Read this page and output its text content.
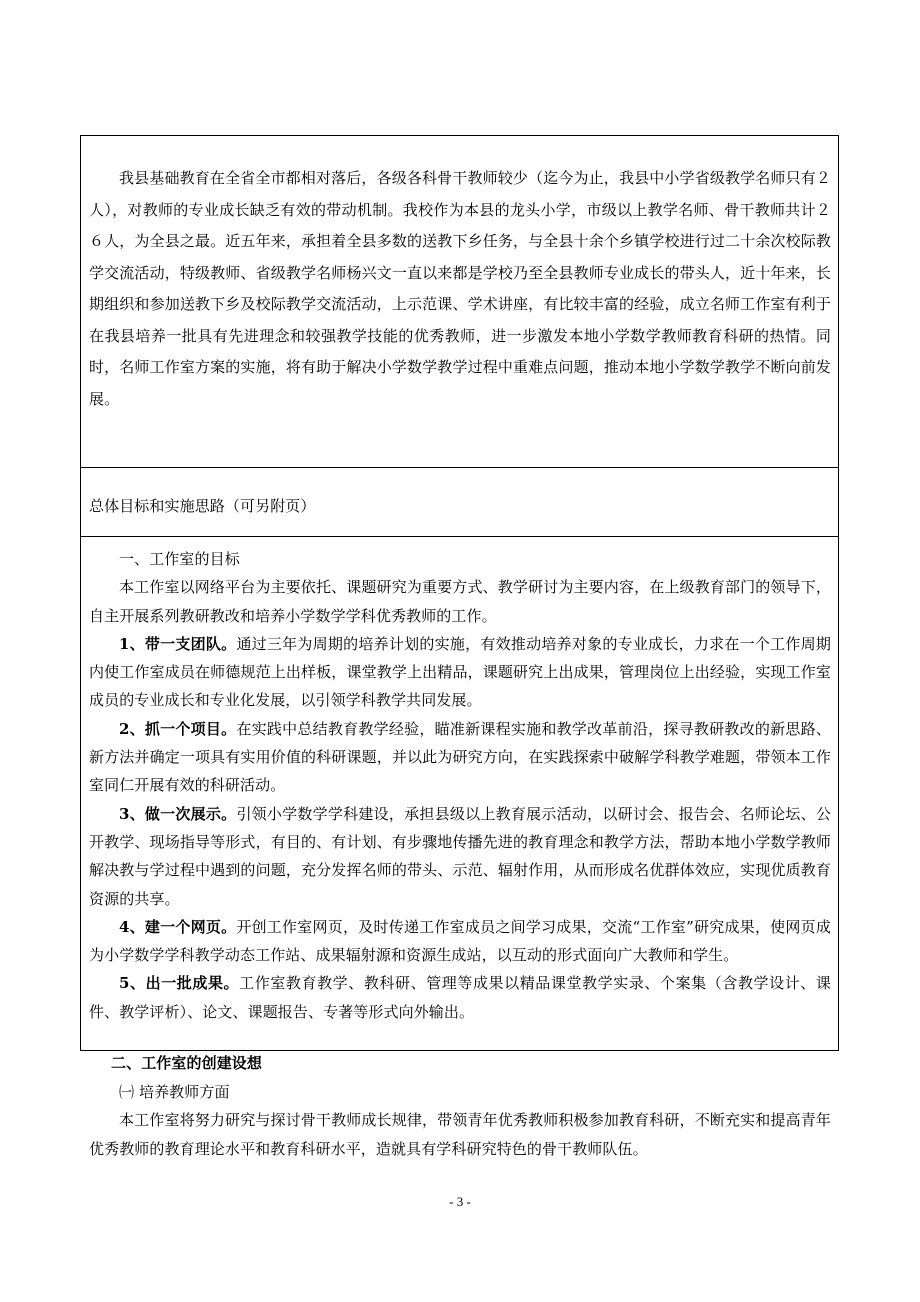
我县基础教育在全省全市都相对落后，各级各科骨干教师较少（迄今为止，我县中小学省级教学名师只有２人），对教师的专业成长缺乏有效的带动机制。我校作为本县的龙头小学，市级以上教学名师、骨干教师共计２６人，为全县之最。近五年来，承担着全县多数的送教下乡任务，与全县十余个乡镇学校进行过二十余次校际教学交流活动，特级教师、省级教学名师杨兴文一直以来都是学校乃至全县教师专业成长的带头人，近十年来，长期组织和参加送教下乡及校际教学交流活动，上示范课、学术讲座，有比较丰富的经验，成立名师工作室有利于在我县培养一批具有先进理念和较强教学技能的优秀教师，进一步激发本地小学数学教师教育科研的热情。同时，名师工作室方案的实施，将有助于解决小学数学教学过程中重难点问题，推动本地小学数学教学不断向前发展。

总体目标和实施思路（可另附页）

一、工作室的目标

本工作室以网络平台为主要依托、课题研究为重要方式、教学研讨为主要内容，在上级教育部门的领导下，自主开展系列教研教改和培养小学数学学科优秀教师的工作。

1、带一支团队。通过三年为周期的培养计划的实施，有效推动培养对象的专业成长，力求在一个工作周期内使工作室成员在师德规范上出样板，课堂教学上出精品，课题研究上出成果，管理岗位上出经验，实现工作室成员的专业成长和专业化发展，以引领学科教学共同发展。

2、抓一个项目。在实践中总结教育教学经验，瞄准新课程实施和教学改革前沿，探寻教研教改的新思路、新方法并确定一项具有实用价值的科研课题，并以此为研究方向，在实践探索中破解学科教学难题，带领本工作室同仁开展有效的科研活动。

3、做一次展示。引领小学数学学科建设，承担县级以上教育展示活动，以研讨会、报告会、名师论坛、公开教学、现场指导等形式，有目的、有计划、有步骤地传播先进的教育理念和教学方法，帮助本地小学数学教师解决教与学过程中遇到的问题，充分发挥名师的带头、示范、辐射作用，从而形成名优群体效应，实现优质教育资源的共享。

4、建一个网页。开创工作室网页，及时传递工作室成员之间学习成果，交流“工作室”研究成果，使网页成为小学数学学科教学动态工作站、成果辐射源和资源生成站，以互动的形式面向广大教师和学生。

5、出一批成果。工作室教育教学、教科研、管理等成果以精品课堂教学实录、个案集（含教学设计、课件、教学评析）、论文、课题报告、专著等形式向外输出。

二、工作室的创建设想

㈠ 培养教师方面

本工作室将努力研究与探讨骨干教师成长规律，带领青年优秀教师积极参加教育科研，不断充实和提高青年优秀教师的教育理论水平和教育科研水平，造就具有学科研究特色的骨干教师队伍。

- 3 -
